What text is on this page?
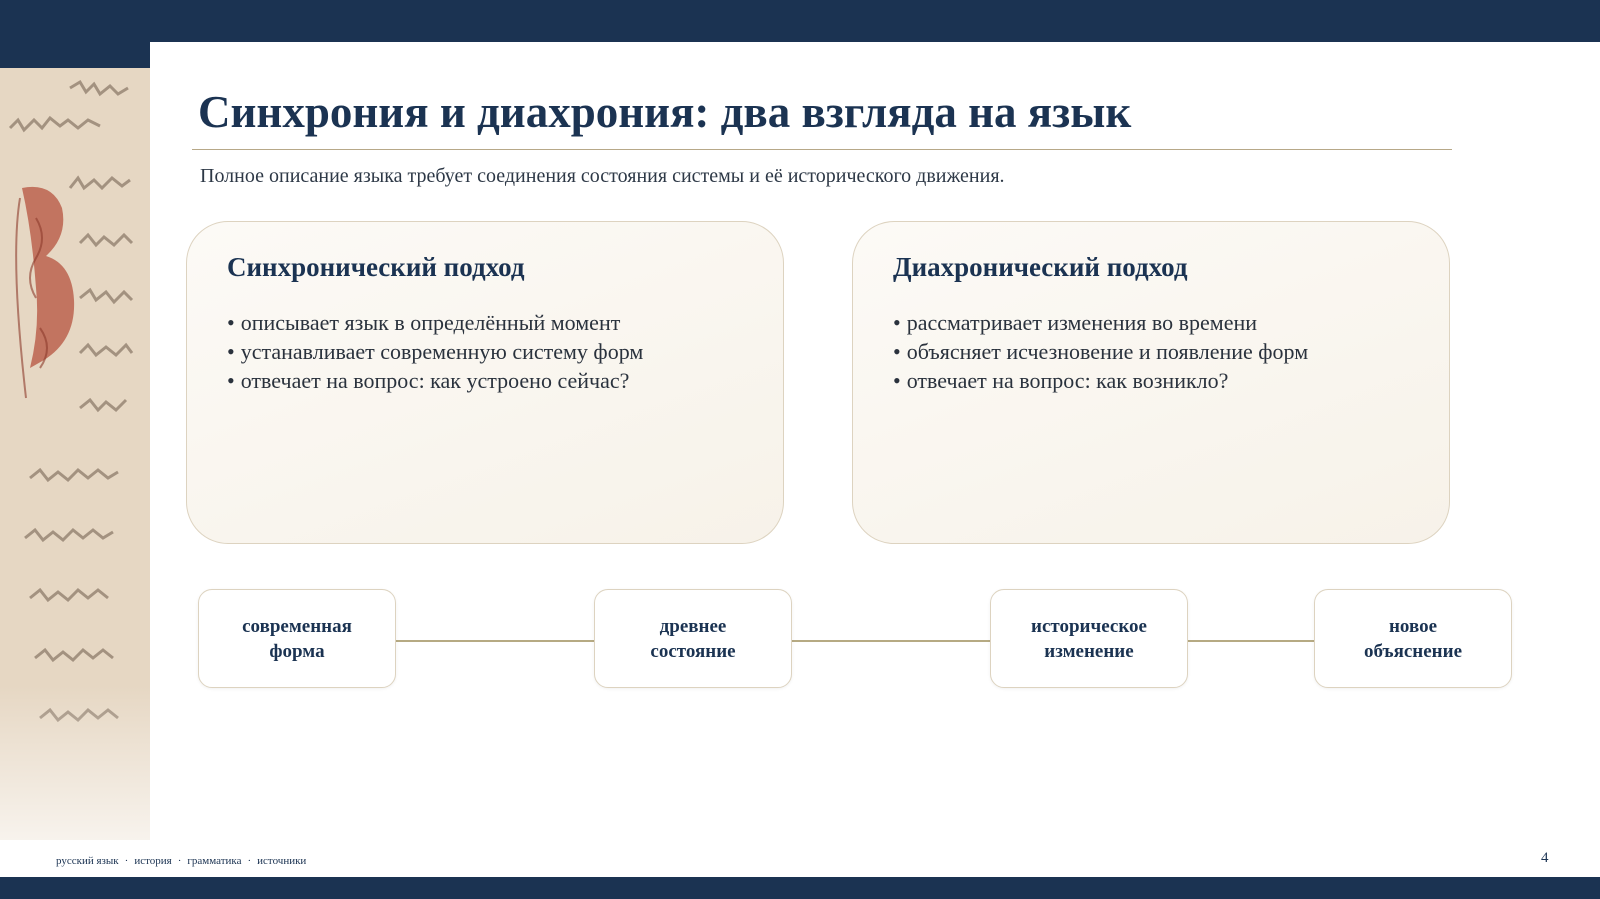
Синхрония и диахрония: два взгляда на язык

Полное описание языка требует соединения состояния системы и её исторического движения.

Синхронический подход
• описывает язык в определённый момент
• устанавливает современную систему форм
• отвечает на вопрос: как устроено сейчас?
Диахронический подход
• рассматривает изменения во времени
• объясняет исчезновение и появление форм
• отвечает на вопрос: как возникло?
современная
форма
древнее
состояние
историческое
изменение
новое
объяснение

русский язык · история · грамматика · источники	4
